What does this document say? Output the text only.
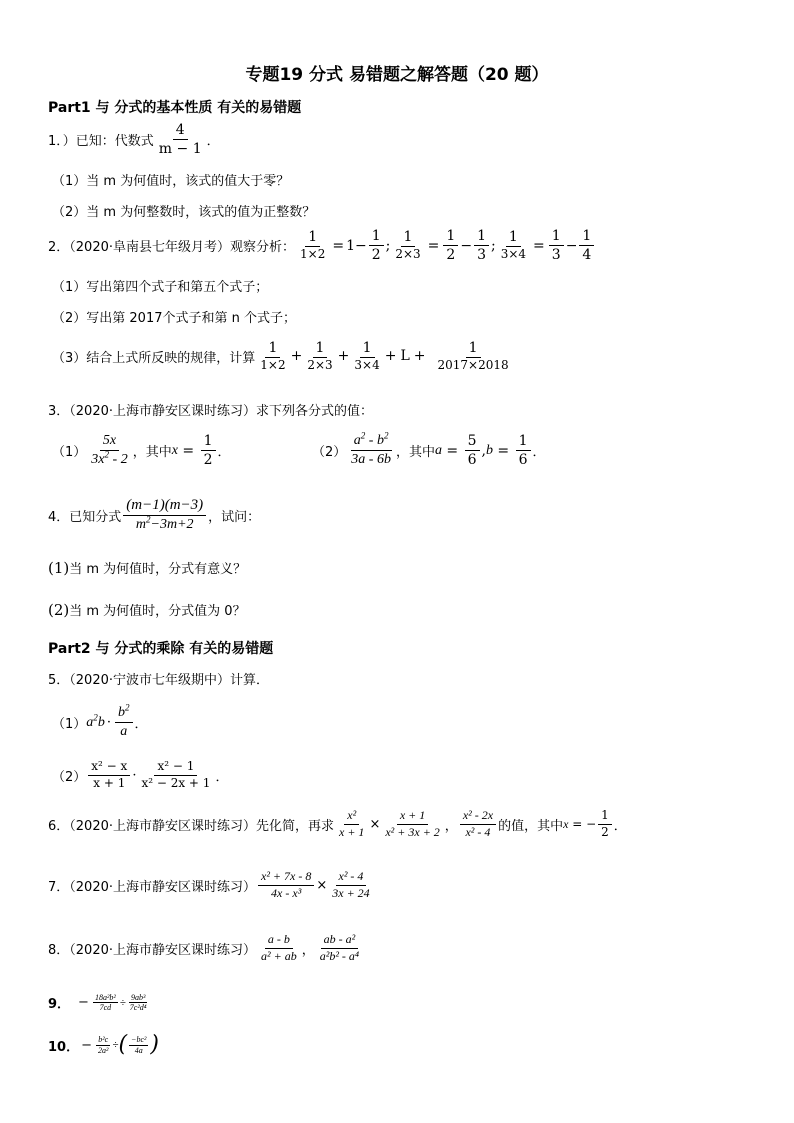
专题19 分式 易错题之解答题（20 题）
Part1 与 分式的基本性质 有关的易错题
1．）已知：代数式 $\frac{4}{m - 1}$ ．
（1）当 m 为何值时，该式的值大于零？
（2）当 m 为何整数时，该式的值为正整数？
2．（2020·阜南县七年级月考）观察分析： $\frac{1}{1\times 2} = 1- \frac{1}{2}$ ; $\frac{1}{2\times 3} = \frac{1}{2} - \frac{1}{3}$ ; $\frac{1}{3\times 4} = \frac{1}{3} - \frac{1}{4}$
（1）写出第四个式子和第五个式子；
（2）写出第 2017个式子和第 n 个式子；
（3）结合上式所反映的规律，计算 $\frac{1}{1\times 2} + \frac{1}{2\times 3} + \frac{1}{3\times 4} + L + \frac{1}{2017\times 2018}$
3．（2020·上海市静安区课时练习）求下列各分式的值：
$(1) \frac{5x}{3x^2 - 2}$ ，其中 $x = \frac{1}{2}$ ．	$(2) \frac{a^2 - b^2}{3a - 6b}$ ，其中 $a = \frac{5}{6}$ , $b = \frac{1}{6}$ ．
4．已知分式 $\frac{(m-1)(m-3)}{m^2-3m+2}$ ，试问：
(1) 当 m 为何值时，分式有意义？
(2) 当 m 为何值时，分式值为 0？
Part2 与 分式的乘除 有关的易错题
5．（2020·宁波市七年级期中）计算．
（1） $a^2b \cdot \frac{b^2}{a}$ ．
$(2) \frac{\text{x² − x}}{x + 1} \cdot \frac{\text{x² − 1}}{\text{x² − 2x + 1}}$ ．
6．（2020·上海市静安区课时练习）先化简，再求 $\frac{\text{x²}}{x + 1} \times \frac{x + 1}{\text{x² + 3x + 2}}$ ， $\frac{\text{x² - 2x}}{\text{x² - 4}}$ 的值，其中 x = − $\frac{1}{2}$ ．
7．（2020·上海市静安区课时练习） $\frac{\text{x² + 7x - 8}}{\text{4x - x³}} \times \frac{\text{x² - 4}}{3x + 24}$
8．（2020·上海市静安区课时练习） $\frac{a - b}{\text{a² + ab}}$ ， $\frac{\text{ab - a²}}{\text{a²b² - a⁴}}$
9． − $\frac{\text{18a²b²}}{7cd} \div \frac{\text{9ab³}}{\text{7c²d⁴}}$
10． − $\frac{\text{b²c}}{\text{2a²}}$ ÷ ( $\frac{\text{−bc²}}{4a}$ )
